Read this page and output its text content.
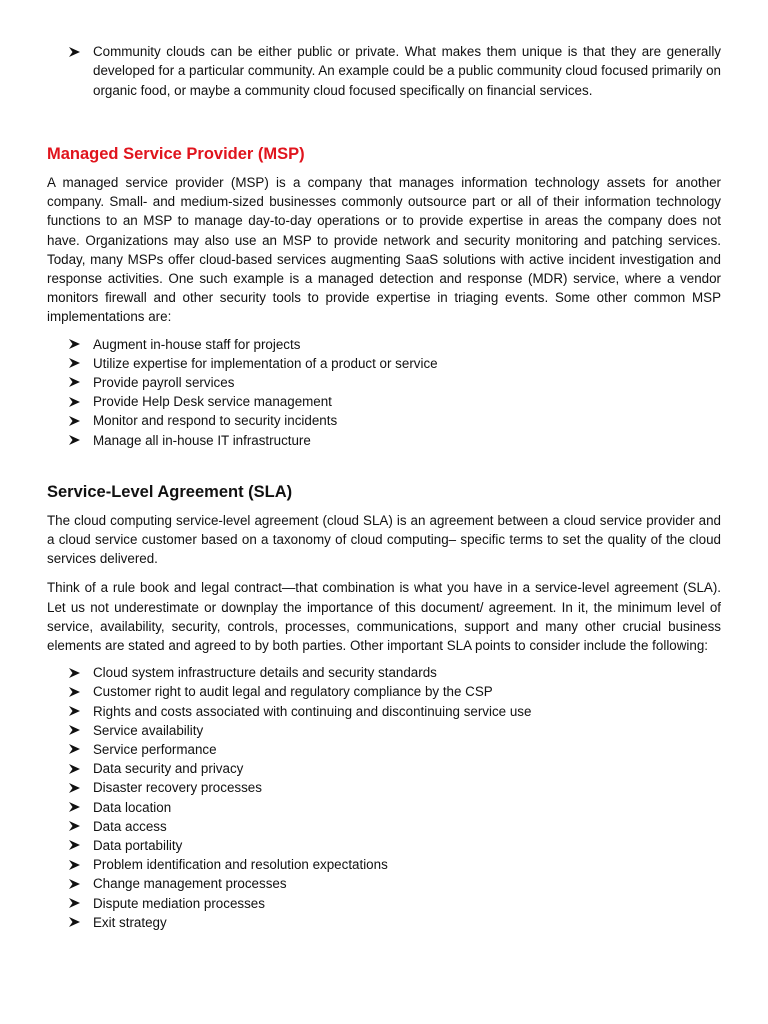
Community clouds can be either public or private. What makes them unique is that they are generally developed for a particular community. An example could be a public community cloud focused primarily on organic food, or maybe a community cloud focused specifically on financial services.
Managed Service Provider (MSP)

A managed service provider (MSP) is a company that manages information technology assets for another company. Small- and medium-sized businesses commonly outsource part or all of their information technology functions to an MSP to manage day-to-day operations or to provide expertise in areas the company does not have. Organizations may also use an MSP to provide network and security monitoring and patching services. Today, many MSPs offer cloud-based services augmenting SaaS solutions with active incident investigation and response activities. One such example is a managed detection and response (MDR) service, where a vendor monitors firewall and other security tools to provide expertise in triaging events. Some other common MSP implementations are:

Augment in-house staff for projects
Utilize expertise for implementation of a product or service
Provide payroll services
Provide Help Desk service management
Monitor and respond to security incidents
Manage all in-house IT infrastructure
Service-Level Agreement (SLA)

The cloud computing service-level agreement (cloud SLA) is an agreement between a cloud service provider and a cloud service customer based on a taxonomy of cloud computing– specific terms to set the quality of the cloud services delivered.

Think of a rule book and legal contract—that combination is what you have in a service-level agreement (SLA). Let us not underestimate or downplay the importance of this document/ agreement. In it, the minimum level of service, availability, security, controls, processes, communications, support and many other crucial business elements are stated and agreed to by both parties. Other important SLA points to consider include the following:

Cloud system infrastructure details and security standards
Customer right to audit legal and regulatory compliance by the CSP
Rights and costs associated with continuing and discontinuing service use
Service availability
Service performance
Data security and privacy
Disaster recovery processes
Data location
Data access
Data portability
Problem identification and resolution expectations
Change management processes
Dispute mediation processes
Exit strategy
